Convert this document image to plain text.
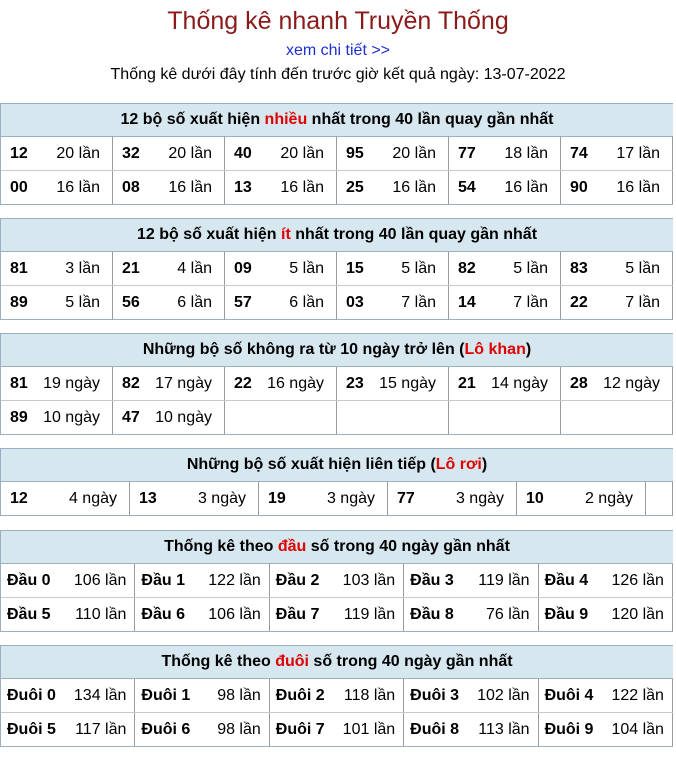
Thống kê nhanh Truyền Thống
xem chi tiết >>
Thống kê dưới đây tính đến trước giờ kết quả ngày: 13-07-2022
12 bộ số xuất hiện nhiều nhất trong 40 lần quay gần nhất
12 20 lần	32 20 lần	40 20 lần	95 20 lần	77 18 lần	74 17 lần
00 16 lần	08 16 lần	13 16 lần	25 16 lần	54 16 lần	90 16 lần
12 bộ số xuất hiện ít nhất trong 40 lần quay gần nhất
81 3 lần	21 4 lần	09 5 lần	15 5 lần	82 5 lần	83 5 lần
89 5 lần	56 6 lần	57 6 lần	03 7 lần	14 7 lần	22 7 lần
Những bộ số không ra từ 10 ngày trở lên (Lô khan)
81 19 ngày	82 17 ngày	22 16 ngày	23 15 ngày	21 14 ngày	28 12 ngày
89 10 ngày	47 10 ngày
Những bộ số xuất hiện liên tiếp (Lô rơi)
12	4 ngày	13	3 ngày	19	3 ngày	77	3 ngày	10	2 ngày
Thống kê theo đầu số trong 40 ngày gần nhất
Đầu 0 106 lần Đầu 1 122 lần Đầu 2 103 lần Đầu 3 119 lần Đầu 4 126 lần
Đầu 5 110 lần Đầu 6 106 lần Đầu 7 119 lần Đầu 8 76 lần Đầu 9 120 lần
Thống kê theo đuôi số trong 40 ngày gần nhất
Đuôi 0 134 lần Đuôi 1 98 lần Đuôi 2 118 lần Đuôi 3 102 lần Đuôi 4 122 lần
Đuôi 5 117 lần Đuôi 6 98 lần Đuôi 7 101 lần Đuôi 8 113 lần Đuôi 9 104 lần
